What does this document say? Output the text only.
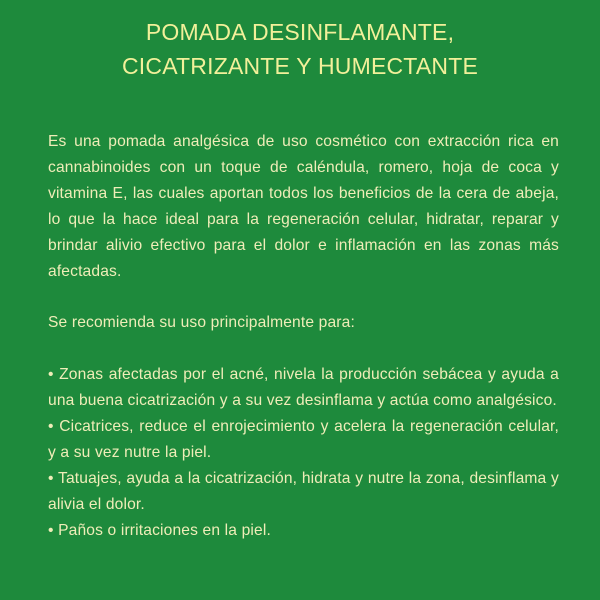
POMADA DESINFLAMANTE,
CICATRIZANTE Y HUMECTANTE

Es una pomada analgésica de uso cosmético con extracción rica en cannabinoides con un toque de caléndula, romero, hoja de coca y vitamina E, las cuales aportan todos los beneficios de la cera de abeja, lo que la hace ideal para la regeneración celular, hidratar, reparar y brindar alivio efectivo para el dolor e inflamación en las zonas más afectadas.

Se recomienda su uso principalmente para:

• Zonas afectadas por el acné, nivela la producción sebácea y ayuda a una buena cicatrización y a su vez desinflama y actúa como analgésico.
• Cicatrices, reduce el enrojecimiento y acelera la regeneración celular, y a su vez nutre la piel.
• Tatuajes, ayuda a la cicatrización, hidrata y nutre la zona, desinflama y alivia el dolor.
• Paños o irritaciones en la piel.
